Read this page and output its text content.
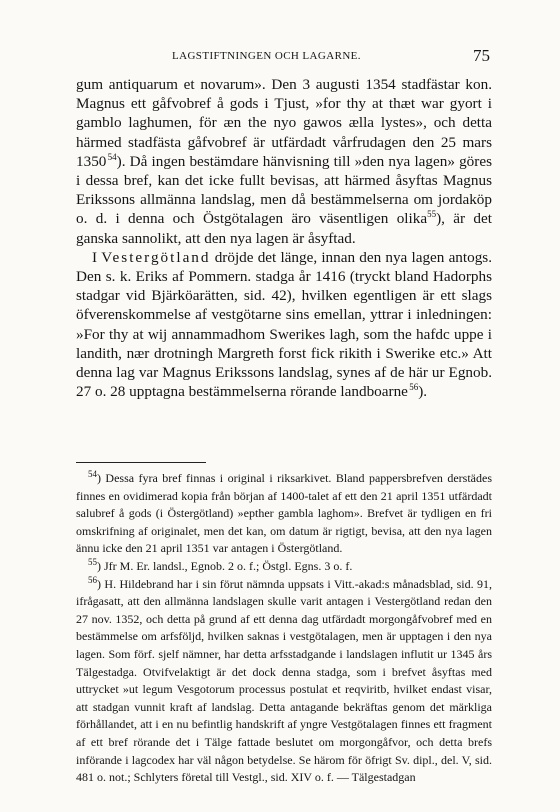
LAGSTIFTNINGEN OCH LAGARNE.	75

gum antiquarum et novarum». Den 3 augusti 1354 stadfästar kon. Magnus ett gåfvobref å gods i Tjust, »for thy at thæt war gyort i gamblo laghumen, för æn the nyo gawos ælla lystes», och detta härmed stadfästa gåfvobref är utfärdadt vårfrudagen den 25 mars 1350 $^{54}$). Då ingen bestämdare hänvisning till »den nya lagen» göres i dessa bref, kan det icke fullt bevisas, att härmed åsyftas Magnus Erikssons allmänna landslag, men då bestämmelserna om jordaköp o. d. i denna och Östgötalagen äro väsentligen olika$^{55}$), är det ganska sannolikt, att den nya lagen är åsyftad.

I Vestergötland dröjde det länge, innan den nya lagen antogs. Den s. k. Eriks af Pommern. stadga år 1416 (tryckt bland Hadorphs stadgar vid Bjärköarätten, sid. 42), hvilken egentligen är ett slags öfverenskommelse af vestgötarne sins emellan, yttrar i inledningen: »For thy at wij annammadhom Swerikes lagh, som the hafdc uppe i landith, nær drotningh Margreth forst fick rikith i Swerike etc.» Att denna lag var Magnus Erikssons landslag, synes af de här ur Egnob. 27 o. 28 upptagna bestämmelserna rörande landboarne $^{56}$).

$^{54}$) Dessa fyra bref finnas i original i riksarkivet. Bland pappersbrefven derstädes finnes en ovidimerad kopia från början af 1400-talet af ett den 21 april 1351 utfärdadt salubref å gods (i Östergötland) »epther gambla laghom». Brefvet är tydligen en fri omskrifning af originalet, men det kan, om datum är rigtigt, bevisa, att den nya lagen ännu icke den 21 april 1351 var antagen i Östergötland.

$^{55}$) Jfr M. Er. landsl., Egnob. 2 o. f.; Östgl. Egns. 3 o. f.

$^{56}$) H. Hildebrand har i sin förut nämnda uppsats i Vitt.-akad:s månadsblad, sid. 91, ifrågasatt, att den allmänna landslagen skulle varit antagen i Vestergötland redan den 27 nov. 1352, och detta på grund af ett denna dag utfärdadt morgongåfvobref med en bestämmelse om arfsföljd, hvilken saknas i vestgötalagen, men är upptagen i den nya lagen. Som förf. sjelf nämner, har detta arfsstadgande i landslagen influtit ur 1345 års Tälgestadga. Otvifvelaktigt är det dock denna stadga, som i brefvet åsyftas med uttrycket »ut legum Vesgotorum processus postulat et reqviritb, hvilket endast visar, att stadgan vunnit kraft af landslag. Detta antagande bekräftas genom det märkliga förhållandet, att i en nu befintlig handskrift af yngre Vestgötalagen finnes ett fragment af ett bref rörande det i Tälge fattade beslutet om morgongåfvor, och detta brefs införande i lagcodex har väl någon betydelse. Se härom för öfrigt Sv. dipl., del. V, sid. 481 o. not.; Schlyters företal till Vestgl., sid. XIV o. f. — Tälgestadgan
